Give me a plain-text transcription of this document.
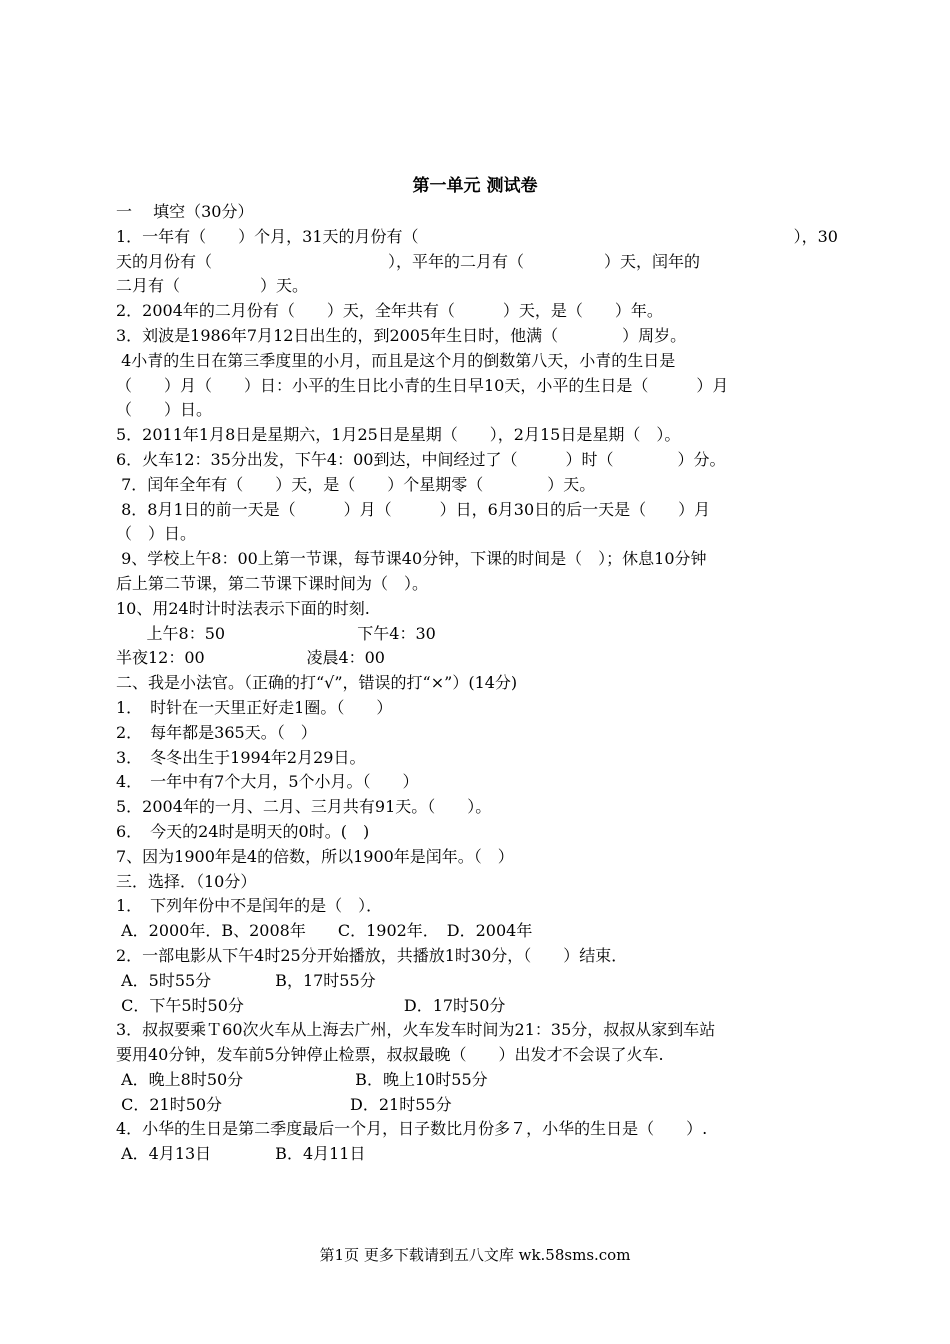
第一单元 测试卷
一　 填空（30分）
1．一年有（　　）个月，31天的月份有（	），30
天的月份有（　　　　　　　　　　　），平年的二月有（　　　　　）天，闰年的
二月有（　　　　　）天。
2．2004年的二月份有（　　）天，全年共有（　　　）天，是（　　）年。
3．刘波是1986年7月12日出生的，到2005年生日时，他满（　　　　）周岁。
4小青的生日在第三季度里的小月，而且是这个月的倒数第八天，小青的生日是
（　　）月（　　）日：小平的生日比小青的生日早10天，小平的生日是（　　　）月
（　　）日。
5．2011年1月8日是星期六，1月25日是星期（　　），2月15日是星期（　）。
6．火车12：35分出发，下午4：00到达，中间经过了（　　　）时（　　　　）分。
7．闰年全年有（　　）天，是（　　）个星期零（　　　　）天。
8．8月1日的前一天是（　　　）月（　　　）日，6月30日的后一天是（　　）月
（　）日。
9、学校上午8：00上第一节课，每节课40分钟，下课的时间是（　）；休息10分钟
后上第二节课，第二节课下课时间为（　）。
10、用24时计时法表示下面的时刻.
上午8：50                          下午4：30
半夜12：00                    凌晨4：00
二、我是小法官。（正确的打“√”，错误的打“×”）(14分)
1．　时针在一天里正好走1圈。（　　）
2．　每年都是365天。（　）
3．　冬冬出生于1994年2月29日。
4．　一年中有7个大月，5个小月。（　　）
5．2004年的一月、二月、三月共有91天。（　　）。
6．　今天的24时是明天的0时。(　)
7、因为1900年是4的倍数，所以1900年是闰年。（　）
三．选择．（10分）
1．　下列年份中不是闰年的是（　）．
A．2000年．B、2008年　　C．1902年．　D．2004年
2．一部电影从下午4时25分开始播放，共播放1时30分，（　　）结束．
A．5时55分　　　　B，17时55分
C．下午5时50分　　　　　　　　　　D．17时50分
3．叔叔要乘Ｔ60次火车从上海去广州，火车发车时间为21：35分，叔叔从家到车站
要用40分钟，发车前5分钟停止检票，叔叔最晚（　　）出发才不会误了火车.
A．晚上8时50分　　　　　　　B．晚上10时55分
C．21时50分　　　　　　　　D．21时55分
4．小华的生日是第二季度最后一个月，日子数比月份多７，小华的生日是（　　）.
A．4月13日　　　　B．4月11日
第1页 更多下载请到五八文库 wk.58sms.com
